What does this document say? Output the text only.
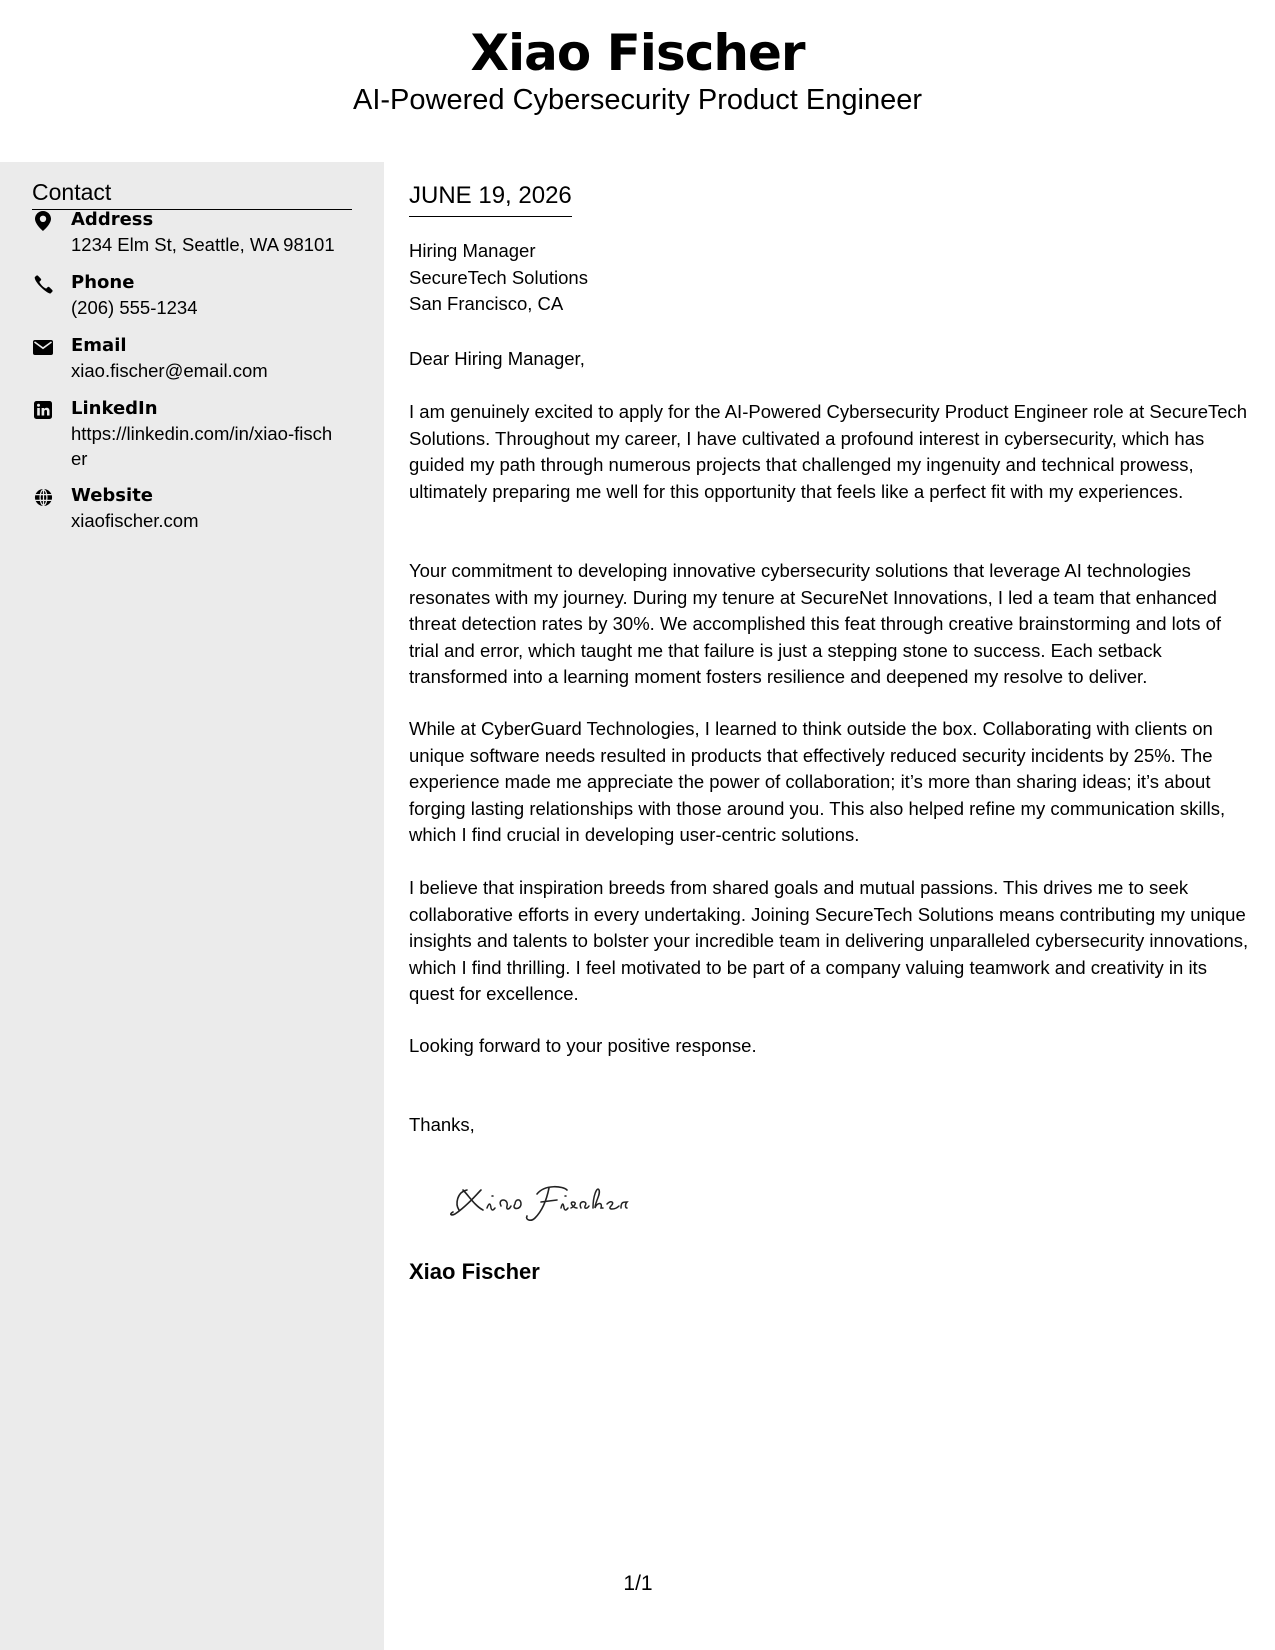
Xiao Fischer
AI-Powered Cybersecurity Product Engineer
Contact
Address
1234 Elm St, Seattle, WA 98101
Phone
(206) 555-1234
Email
xiao.fischer@email.com
LinkedIn
https://linkedin.com/in/xiao-fischer
Website
xiaofischer.com
JUNE 19, 2026
Hiring Manager
SecureTech Solutions
San Francisco, CA
Dear Hiring Manager,
I am genuinely excited to apply for the AI-Powered Cybersecurity Product Engineer role at SecureTech Solutions. Throughout my career, I have cultivated a profound interest in cybersecurity, which has guided my path through numerous projects that challenged my ingenuity and technical prowess, ultimately preparing me well for this opportunity that feels like a perfect fit with my experiences.
Your commitment to developing innovative cybersecurity solutions that leverage AI technologies resonates with my journey. During my tenure at SecureNet Innovations, I led a team that enhanced threat detection rates by 30%. We accomplished this feat through creative brainstorming and lots of trial and error, which taught me that failure is just a stepping stone to success. Each setback transformed into a learning moment fosters resilience and deepened my resolve to deliver.
While at CyberGuard Technologies, I learned to think outside the box. Collaborating with clients on unique software needs resulted in products that effectively reduced security incidents by 25%. The experience made me appreciate the power of collaboration; it’s more than sharing ideas; it’s about forging lasting relationships with those around you. This also helped refine my communication skills, which I find crucial in developing user-centric solutions.
I believe that inspiration breeds from shared goals and mutual passions. This drives me to seek collaborative efforts in every undertaking. Joining SecureTech Solutions means contributing my unique insights and talents to bolster your incredible team in delivering unparalleled cybersecurity innovations, which I find thrilling. I feel motivated to be part of a company valuing teamwork and creativity in its quest for excellence.
Looking forward to your positive response.
Thanks,
Xiao Fischer
1/1
